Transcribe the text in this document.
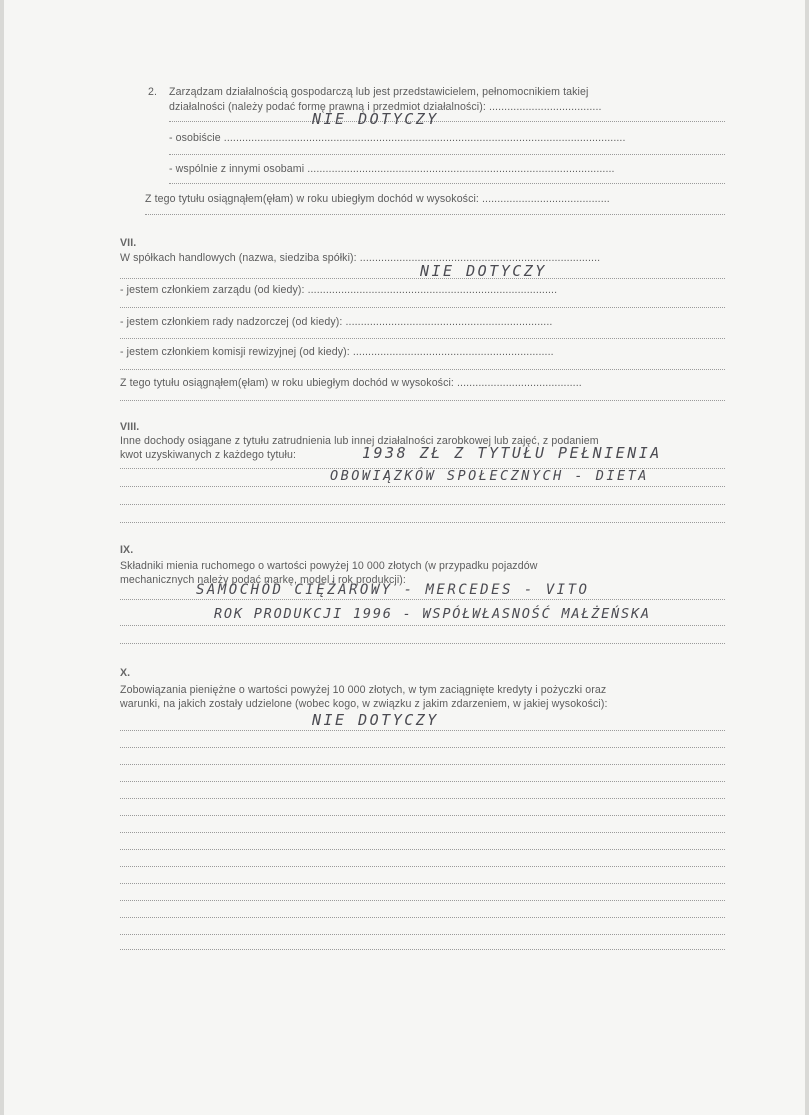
2. Zarządzam działalnością gospodarczą lub jest przedstawicielem, pełnomocnikiem takiej
działalności (należy podać formę prawną i przedmiot działalności): .....................................
NIE DOTYCZY
- osobiście ....................................................................................................................................
- wspólnie z innymi osobami .....................................................................................................
Z tego tytułu osiągnąłem(ęłam) w roku ubiegłym dochód w wysokości: ..........................................
VII.
W spółkach handlowych (nazwa, siedziba spółki): ...............................................................................
NIE DOTYCZY
- jestem członkiem zarządu (od kiedy): ..................................................................................
- jestem członkiem rady nadzorczej (od kiedy): ....................................................................
- jestem członkiem komisji rewizyjnej (od kiedy): ..................................................................
Z tego tytułu osiągnąłem(ęłam) w roku ubiegłym dochód w wysokości: .........................................
VIII.
Inne dochody osiągane z tytułu zatrudnienia lub innej działalności zarobkowej lub zajęć, z podaniem
kwot uzyskiwanych z każdego tytułu:	1938 ZŁ Z TYTUŁU PEŁNIENIA
OBOWIĄZKÓW SPOŁECZNYCH - DIETA
IX.
Składniki mienia ruchomego o wartości powyżej 10 000 złotych (w przypadku pojazdów
mechanicznych należy podać markę, model i rok produkcji):
SAMOCHÓD CIĘŻAROWY - MERCEDES - VITO
ROK PRODUKCJI 1996 - WSPÓŁWŁASNOŚĆ MAŁŻEŃSKA
X.
Zobowiązania pieniężne o wartości powyżej 10 000 złotych, w tym zaciągnięte kredyty i pożyczki oraz
warunki, na jakich zostały udzielone (wobec kogo, w związku z jakim zdarzeniem, w jakiej wysokości):
NIE DOTYCZY
